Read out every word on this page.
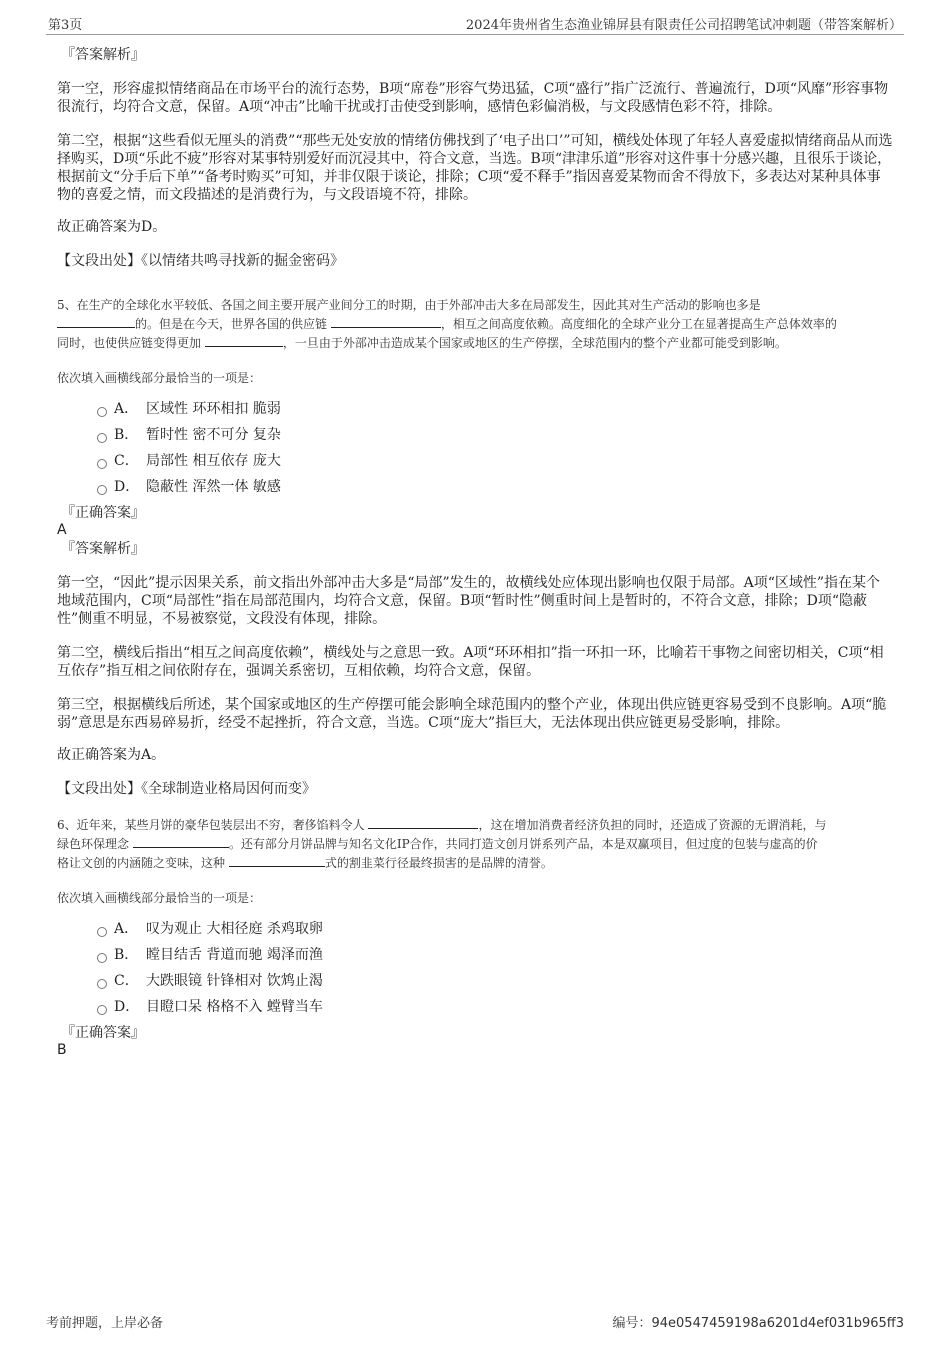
第3页	2024年贵州省生态渔业锦屏县有限责任公司招聘笔试冲刺题（带答案解析）
『答案解析』

第一空，形容虚拟情绪商品在市场平台的流行态势，B项“席卷”形容气势迅猛，C项“盛行”指广泛流行、普遍流行，D项“风靡”形容事物很流行，均符合文意，保留。A项“冲击”比喻干扰或打击使受到影响，感情色彩偏消极，与文段感情色彩不符，排除。

第二空，根据“这些看似无厘头的消费”“那些无处安放的情绪仿佛找到了‘电子出口’”可知，横线处体现了年轻人喜爱虚拟情绪商品从而选择购买，D项“乐此不疲”形容对某事特别爱好而沉浸其中，符合文意，当选。B项“津津乐道”形容对这件事十分感兴趣，且很乐于谈论，根据前文“分手后下单”“备考时购买”可知，并非仅限于谈论，排除；C项“爱不释手”指因喜爱某物而舍不得放下，多表达对某种具体事物的喜爱之情，而文段描述的是消费行为，与文段语境不符，排除。

故正确答案为D。

【文段出处】《以情绪共鸣寻找新的掘金密码》

5、在生产的全球化水平较低、各国之间主要开展产业间分工的时期，由于外部冲击大多在局部发生，因此其对生产活动的影响也多是
的。但是在今天，世界各国的供应链	，相互之间高度依赖。高度细化的全球产业分工在显著提高生产总体效率的
同时，也使供应链变得更加	，一旦由于外部冲击造成某个国家或地区的生产停摆，全球范围内的整个产业都可能受到影响。

依次填入画横线部分最恰当的一项是：

A． 区域性 环环相扣 脆弱
B． 暂时性 密不可分 复杂
C． 局部性 相互依存 庞大
D． 隐蔽性 浑然一体 敏感
『正确答案』
A
『答案解析』

第一空，“因此”提示因果关系，前文指出外部冲击大多是“局部”发生的，故横线处应体现出影响也仅限于局部。A项“区域性”指在某个地域范围内，C项“局部性”指在局部范围内，均符合文意，保留。B项“暂时性”侧重时间上是暂时的，不符合文意，排除；D项“隐蔽性”侧重不明显，不易被察觉，文段没有体现，排除。

第二空，横线后指出“相互之间高度依赖”，横线处与之意思一致。A项“环环相扣”指一环扣一环，比喻若干事物之间密切相关，C项“相互依存”指互相之间依附存在，强调关系密切，互相依赖，均符合文意，保留。

第三空，根据横线后所述，某个国家或地区的生产停摆可能会影响全球范围内的整个产业，体现出供应链更容易受到不良影响。A项“脆弱”意思是东西易碎易折，经受不起挫折，符合文意，当选。C项“庞大”指巨大，无法体现出供应链更易受影响，排除。

故正确答案为A。

【文段出处】《全球制造业格局因何而变》

6、近年来，某些月饼的豪华包装层出不穷，奢侈馅料令人	，这在增加消费者经济负担的同时，还造成了资源的无谓消耗，与
绿色环保理念	。还有部分月饼品牌与知名文化IP合作，共同打造文创月饼系列产品，本是双赢项目，但过度的包装与虚高的价
格让文创的内涵随之变味，这种	式的割韭菜行径最终损害的是品牌的清誉。

依次填入画横线部分最恰当的一项是：

A． 叹为观止 大相径庭 杀鸡取卵
B． 瞠目结舌 背道而驰 竭泽而渔
C． 大跌眼镜 针锋相对 饮鸩止渴
D． 目瞪口呆 格格不入 螳臂当车
『正确答案』
B
考前押题，上岸必备	编号：94e0547459198a6201d4ef031b965ff3
